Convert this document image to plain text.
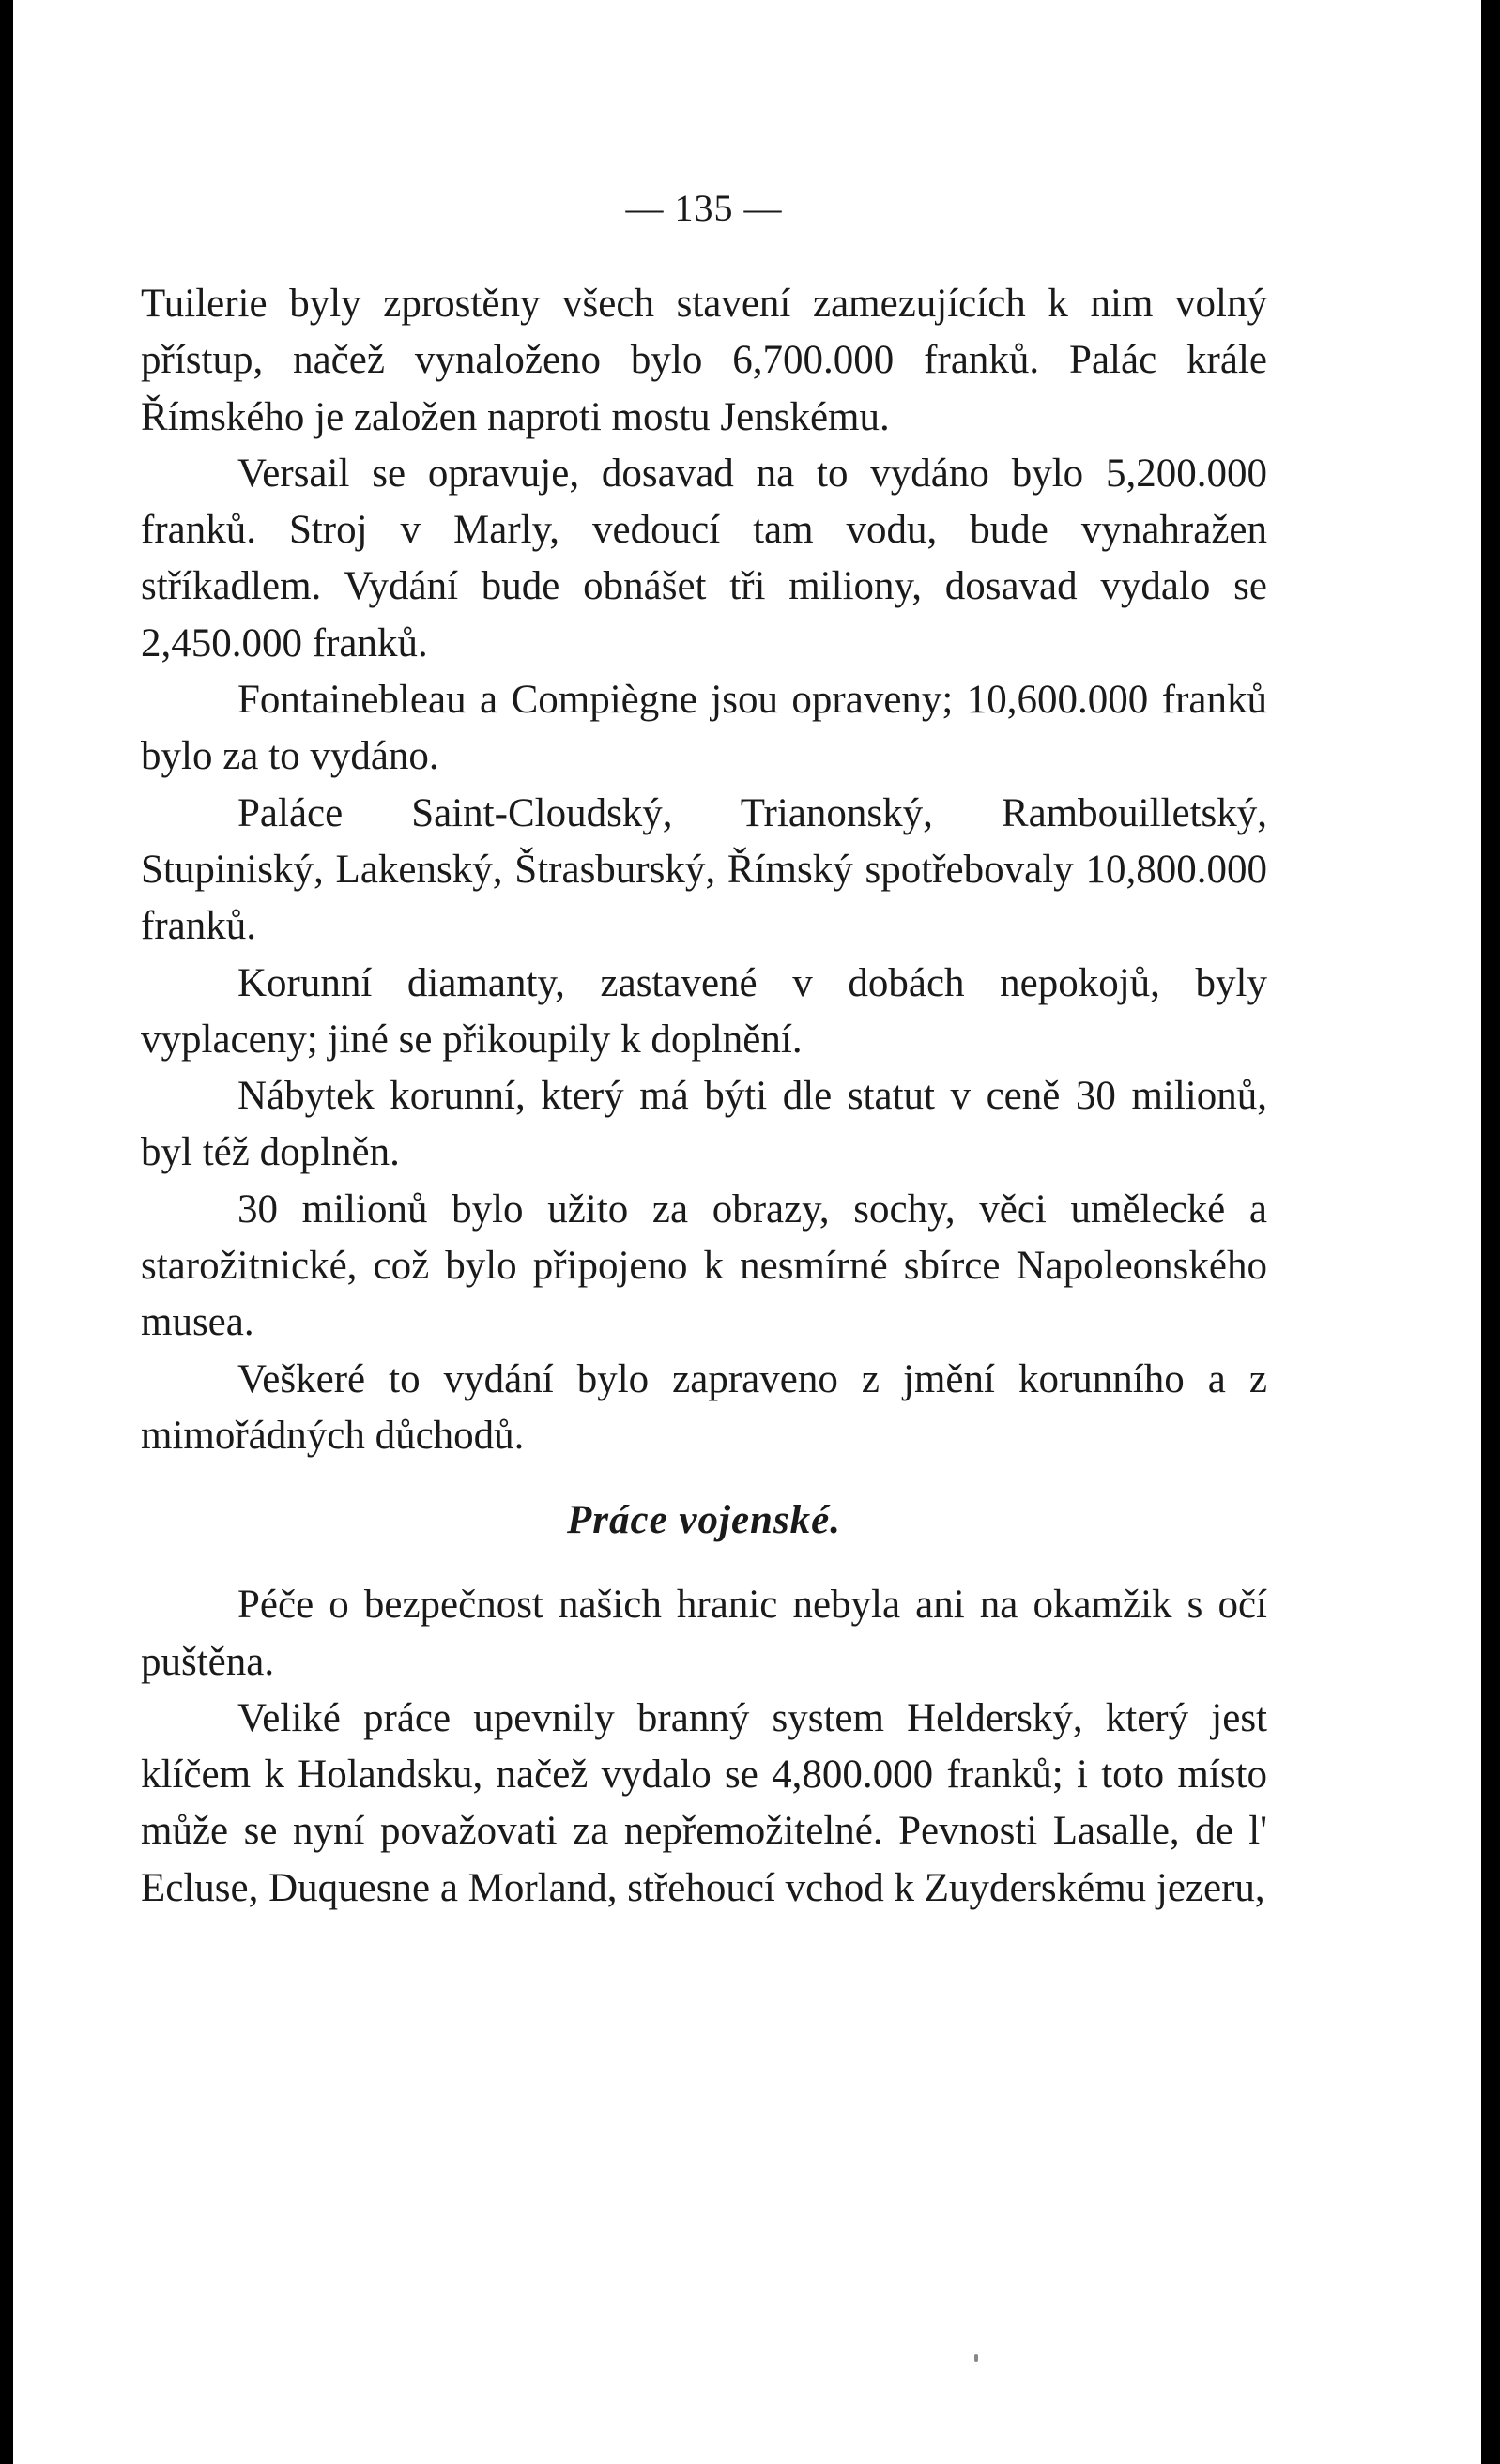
— 135 —

Tuilerie byly zprostěny všech stavení zamezujících k nim volný přístup, načež vynaloženo bylo 6,700.000 franků. Palác krále Římského je založen naproti mostu Jenskému.

Versail se opravuje, dosavad na to vydáno bylo 5,200.000 franků. Stroj v Marly, vedoucí tam vodu, bude vynahražen stříkadlem. Vydání bude obnášet tři miliony, dosavad vydalo se 2,450.000 franků.

Fontainebleau a Compiègne jsou opraveny; 10,600.000 franků bylo za to vydáno.

Paláce Saint-Cloudský, Trianonský, Rambouilletský, Stupiniský, Lakenský, Štrasburský, Římský spotřebovaly 10,800.000 franků.

Korunní diamanty, zastavené v dobách nepokojů, byly vyplaceny; jiné se přikoupily k doplnění.

Nábytek korunní, který má býti dle statut v ceně 30 milionů, byl též doplněn.

30 milionů bylo užito za obrazy, sochy, věci umělecké a starožitnické, což bylo připojeno k nesmírné sbírce Napoleonského musea.

Veškeré to vydání bylo zapraveno z jmění korunního a z mimořádných důchodů.

Práce vojenské.

Péče o bezpečnost našich hranic nebyla ani na okamžik s očí puštěna.

Veliké práce upevnily branný system Helderský, který jest klíčem k Holandsku, načež vydalo se 4,800.000 franků; i toto místo může se nyní považovati za nepřemožitelné. Pevnosti Lasalle, de l' Ecluse, Duquesne a Morland, střehoucí vchod k Zuyderskému jezeru,
